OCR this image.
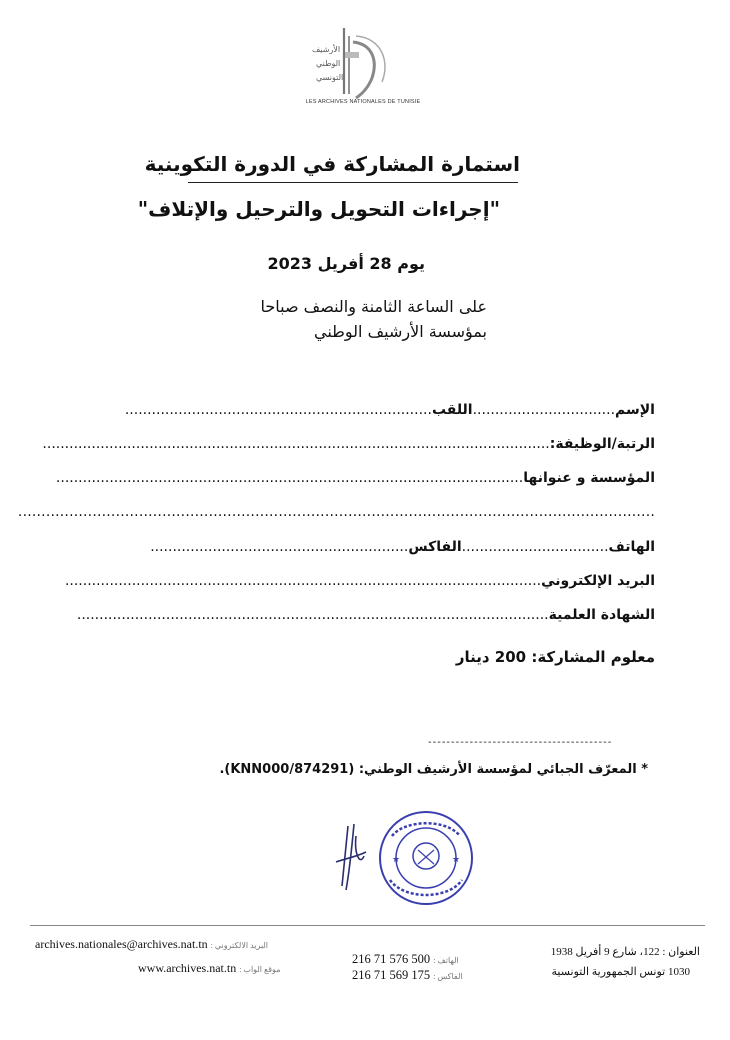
الأرشيف
الوطني
التونسي
LES ARCHIVES NATIONALES DE TUNISIE
استمارة المشاركة في الدورة التكوينية
"إجراءات التحويل والترحيل والإتلاف"
يوم 28 أفريل 2023
على الساعة الثامنة والنصف صباحا
بمؤسسة الأرشيف الوطني
الإسم................................اللقب.....................................................................
الرتبة/الوظيفة:..................................................................................................................
المؤسسة و عنوانها.........................................................................................................
.........................................................................................................................................
الهاتف.................................الفاكس..........................................................
البريد الإلكتروني...........................................................................................................
الشهادة العلمية..........................................................................................................
معلوم المشاركة: 200 دينار
----------------------------------------
* المعرّف الجبائي لمؤسسة الأرشيف الوطني: (874291/KNN000).
★	★
archives.nationales@archives.nat.tn البريد الالكتروني :
www.archives.nat.tn موقع الواب :
216 71 576 500 الهاتف :
216 71 569 175 الفاكس :
العنوان : 122، شارع 9 أفريل 1938
1030 تونس الجمهورية التونسية
